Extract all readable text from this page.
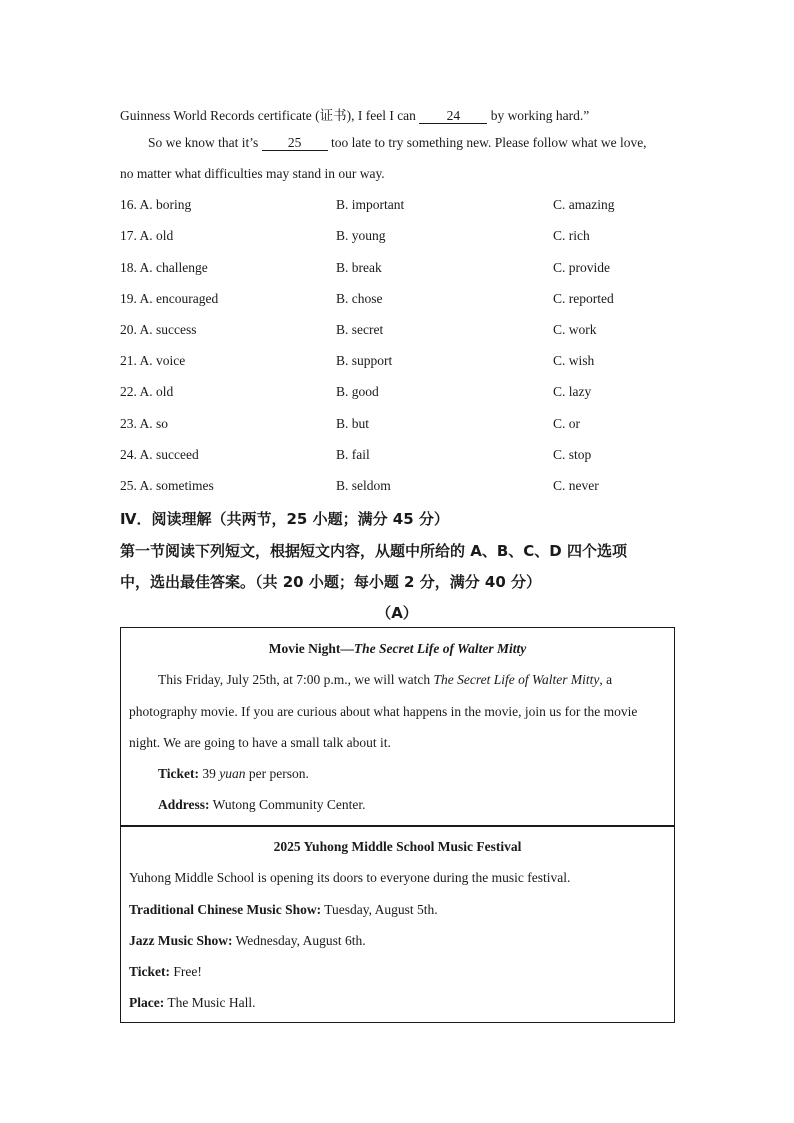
Guinness World Records certificate (证书), I feel I can 24 by working hard.”
So we know that it’s 25 too late to try something new. Please follow what we love,
no matter what difficulties may stand in our way.
16. A. boring	B. important	C. amazing
17. A. old	B. young	C. rich
18. A. challenge	B. break	C. provide
19. A. encouraged	B. chose	C. reported
20. A. success	B. secret	C. work
21. A. voice	B. support	C. wish
22. A. old	B. good	C. lazy
23. A. so	B. but	C. or
24. A. succeed	B. fail	C. stop
25. A. sometimes	B. seldom	C. never
Ⅳ．阅读理解（共两节，25 小题；满分 45 分）
第一节阅读下列短文，根据短文内容，从题中所给的 A、B、C、D 四个选项
中，选出最佳答案。（共 20 小题；每小题 2 分，满分 40 分）
（A）
Movie Night—The Secret Life of Walter Mitty
This Friday, July 25th, at 7:00 p.m., we will watch The Secret Life of Walter Mitty, a
photography movie. If you are curious about what happens in the movie, join us for the movie
night. We are going to have a small talk about it.
Ticket: 39 yuan per person.
Address: Wutong Community Center.
2025 Yuhong Middle School Music Festival
Yuhong Middle School is opening its doors to everyone during the music festival.
Traditional Chinese Music Show: Tuesday, August 5th.
Jazz Music Show: Wednesday, August 6th.
Ticket: Free!
Place: The Music Hall.
